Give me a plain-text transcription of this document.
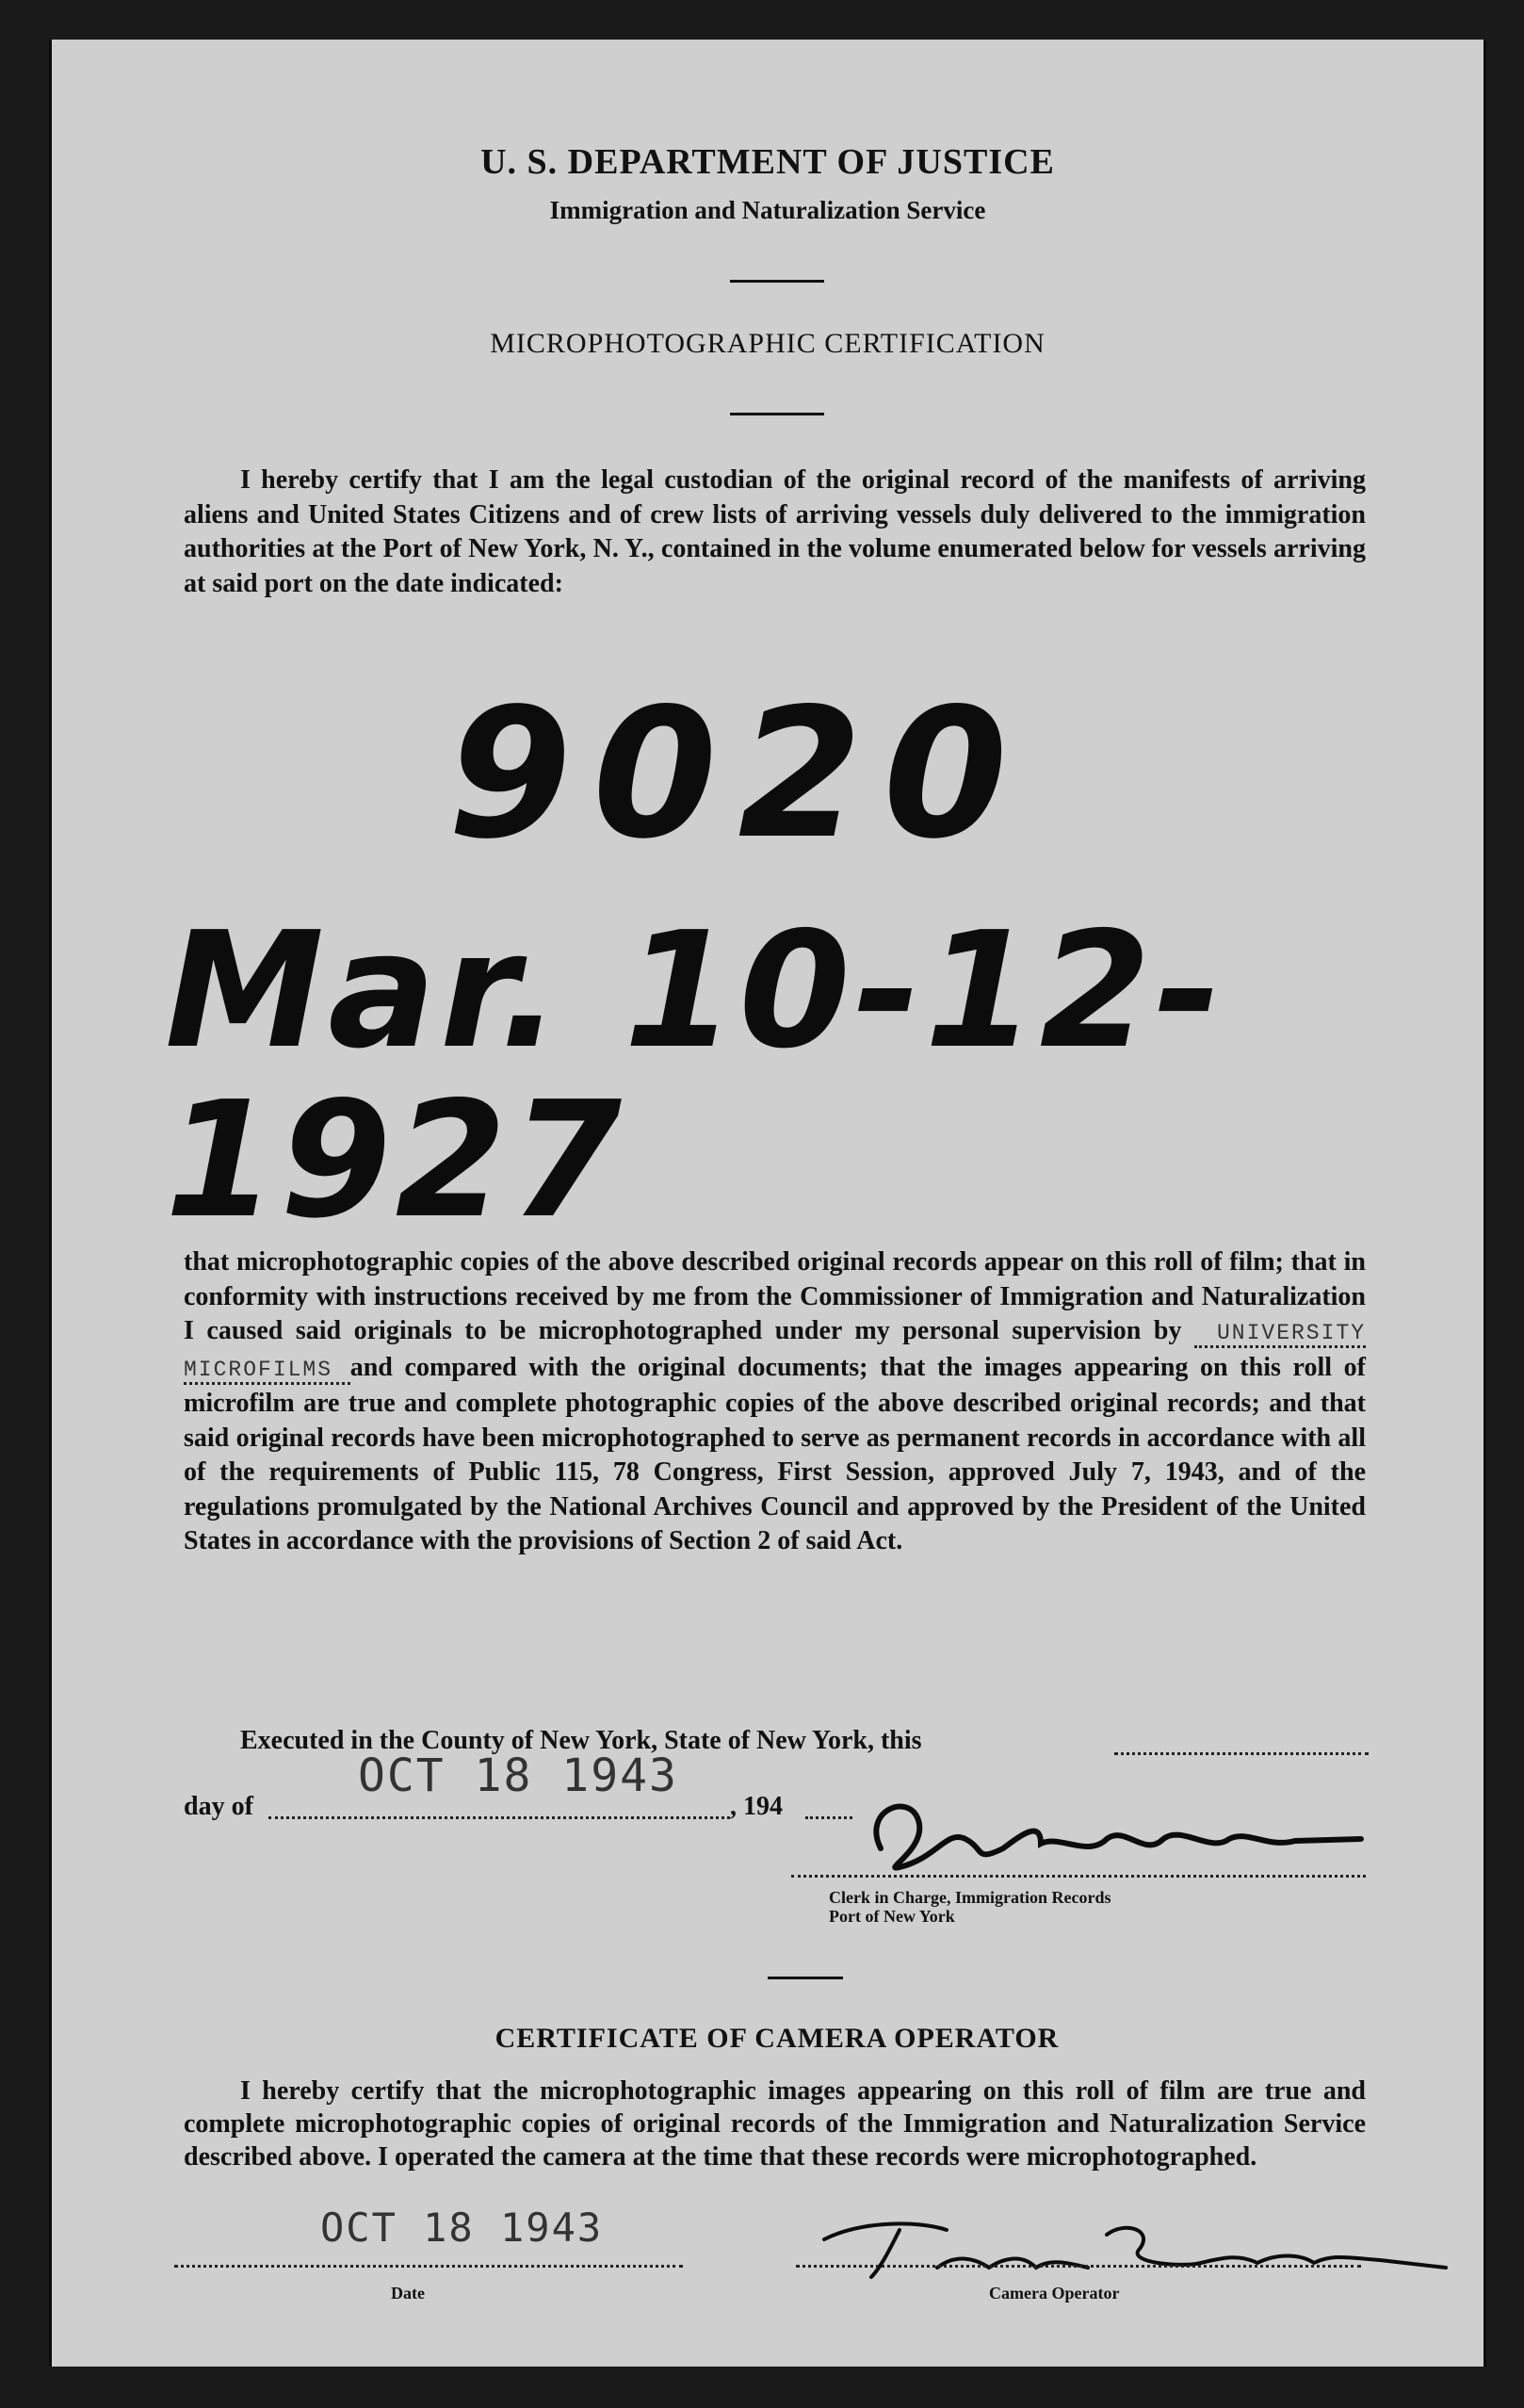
U. S. DEPARTMENT OF JUSTICE
Immigration and Naturalization Service
MICROPHOTOGRAPHIC CERTIFICATION

I hereby certify that I am the legal custodian of the original record of the manifests of arriving aliens and United States Citizens and of crew lists of arriving vessels duly delivered to the immigration authorities at the Port of New York, N. Y., contained in the volume enumerated below for vessels arriving at said port on the date indicated:

9020
Mar. 10-12-1927

that microphotographic copies of the above described original records appear on this roll of film; that in conformity with instructions received by me from the Commissioner of Immigration and Naturalization I caused said originals to be microphotographed under my personal supervision by UNIVERSITY MICROFILMS and compared with the original documents; that the images appearing on this roll of microfilm are true and complete photographic copies of the above described original records; and that said original records have been microphotographed to serve as permanent records in accordance with all of the requirements of Public 115, 78 Congress, First Session, approved July 7, 1943, and of the regulations promulgated by the National Archives Council and approved by the President of the United States in accordance with the provisions of Section 2 of said Act.

Executed in the County of New York, State of New York, this
OCT 18 1943
day of	, 194
Clerk in Charge, Immigration Records
Port of New York
CERTIFICATE OF CAMERA OPERATOR

I hereby certify that the microphotographic images appearing on this roll of film are true and complete microphotographic copies of original records of the Immigration and Naturalization Service described above. I operated the camera at the time that these records were microphotographed.

OCT 18 1943
Date	Camera Operator
